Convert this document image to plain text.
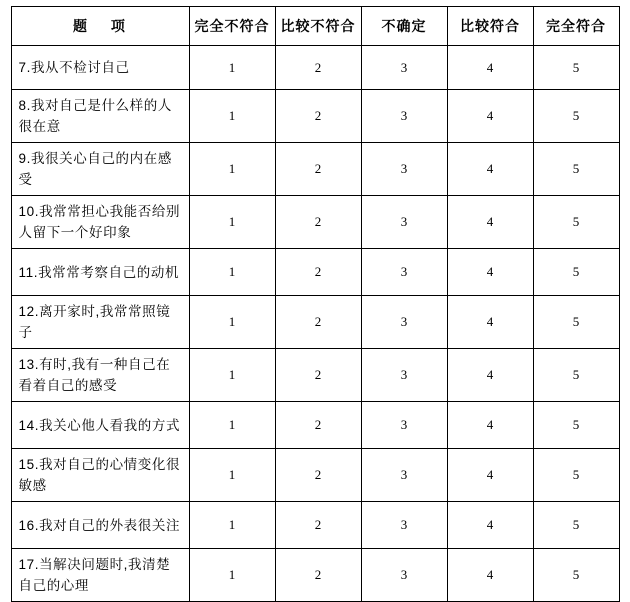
题 项	完全不符合	比较不符合	不确定	比较符合	完全符合
7.我从不检讨自己	1	2	3	4	5
8.我对自己是什么样的人很在意	1	2	3	4	5
9.我很关心自己的内在感受	1	2	3	4	5
10.我常常担心我能否给别人留下一个好印象	1	2	3	4	5
11.我常常考察自己的动机	1	2	3	4	5
12.离开家时,我常常照镜子	1	2	3	4	5
13.有时,我有一种自己在看着自己的感受	1	2	3	4	5
14.我关心他人看我的方式	1	2	3	4	5
15.我对自己的心情变化很敏感	1	2	3	4	5
16.我对自己的外表很关注	1	2	3	4	5
17.当解决问题时,我清楚自己的心理	1	2	3	4	5
